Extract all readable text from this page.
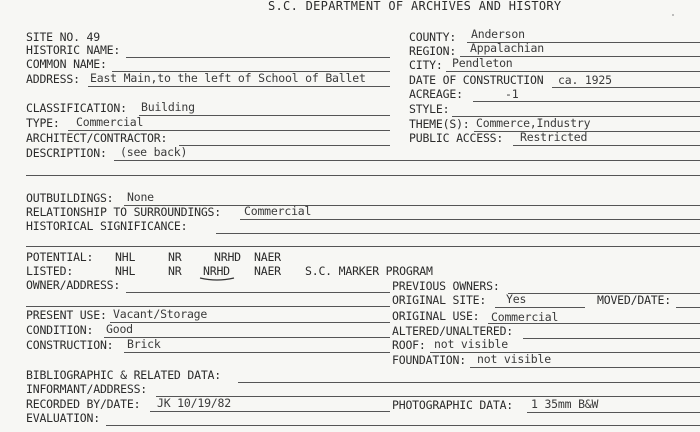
S.C. DEPARTMENT OF ARCHIVES AND HISTORY
SITE NO. 49
HISTORIC NAME:
COMMON NAME:
ADDRESS: East Main,to the left of School of Ballet
CLASSIFICATION: Building
TYPE: Commercial
ARCHITECT/CONTRACTOR:
DESCRIPTION: (see back)
OUTBUILDINGS: None
RELATIONSHIP TO SURROUNDINGS: Commercial
HISTORICAL SIGNIFICANCE:
POTENTIAL: NHL	NR	NRHD NAER
LISTED:	NHL	NR NRHD NAER S.C. MARKER PROGRAM
OWNER/ADDRESS:
PRESENT USE: Vacant/Storage
CONDITION: Good
CONSTRUCTION: Brick
BIBLIOGRAPHIC & RELATED DATA:
INFORMANT/ADDRESS:
RECORDED BY/DATE: JK 10/19/82
EVALUATION:
COUNTY: Anderson
REGION: Appalachian
CITY: Pendleton
DATE OF CONSTRUCTION ca. 1925
ACREAGE:	-1
STYLE:
THEME(S): Commerce,Industry
PUBLIC ACCESS: Restricted
PREVIOUS OWNERS:
ORIGINAL SITE: Yes	MOVED/DATE:
ORIGINAL USE: Commercial
ALTERED/UNALTERED:
ROOF: not visible
FOUNDATION: not visible
PHOTOGRAPHIC DATA: 1 35mm B&W
